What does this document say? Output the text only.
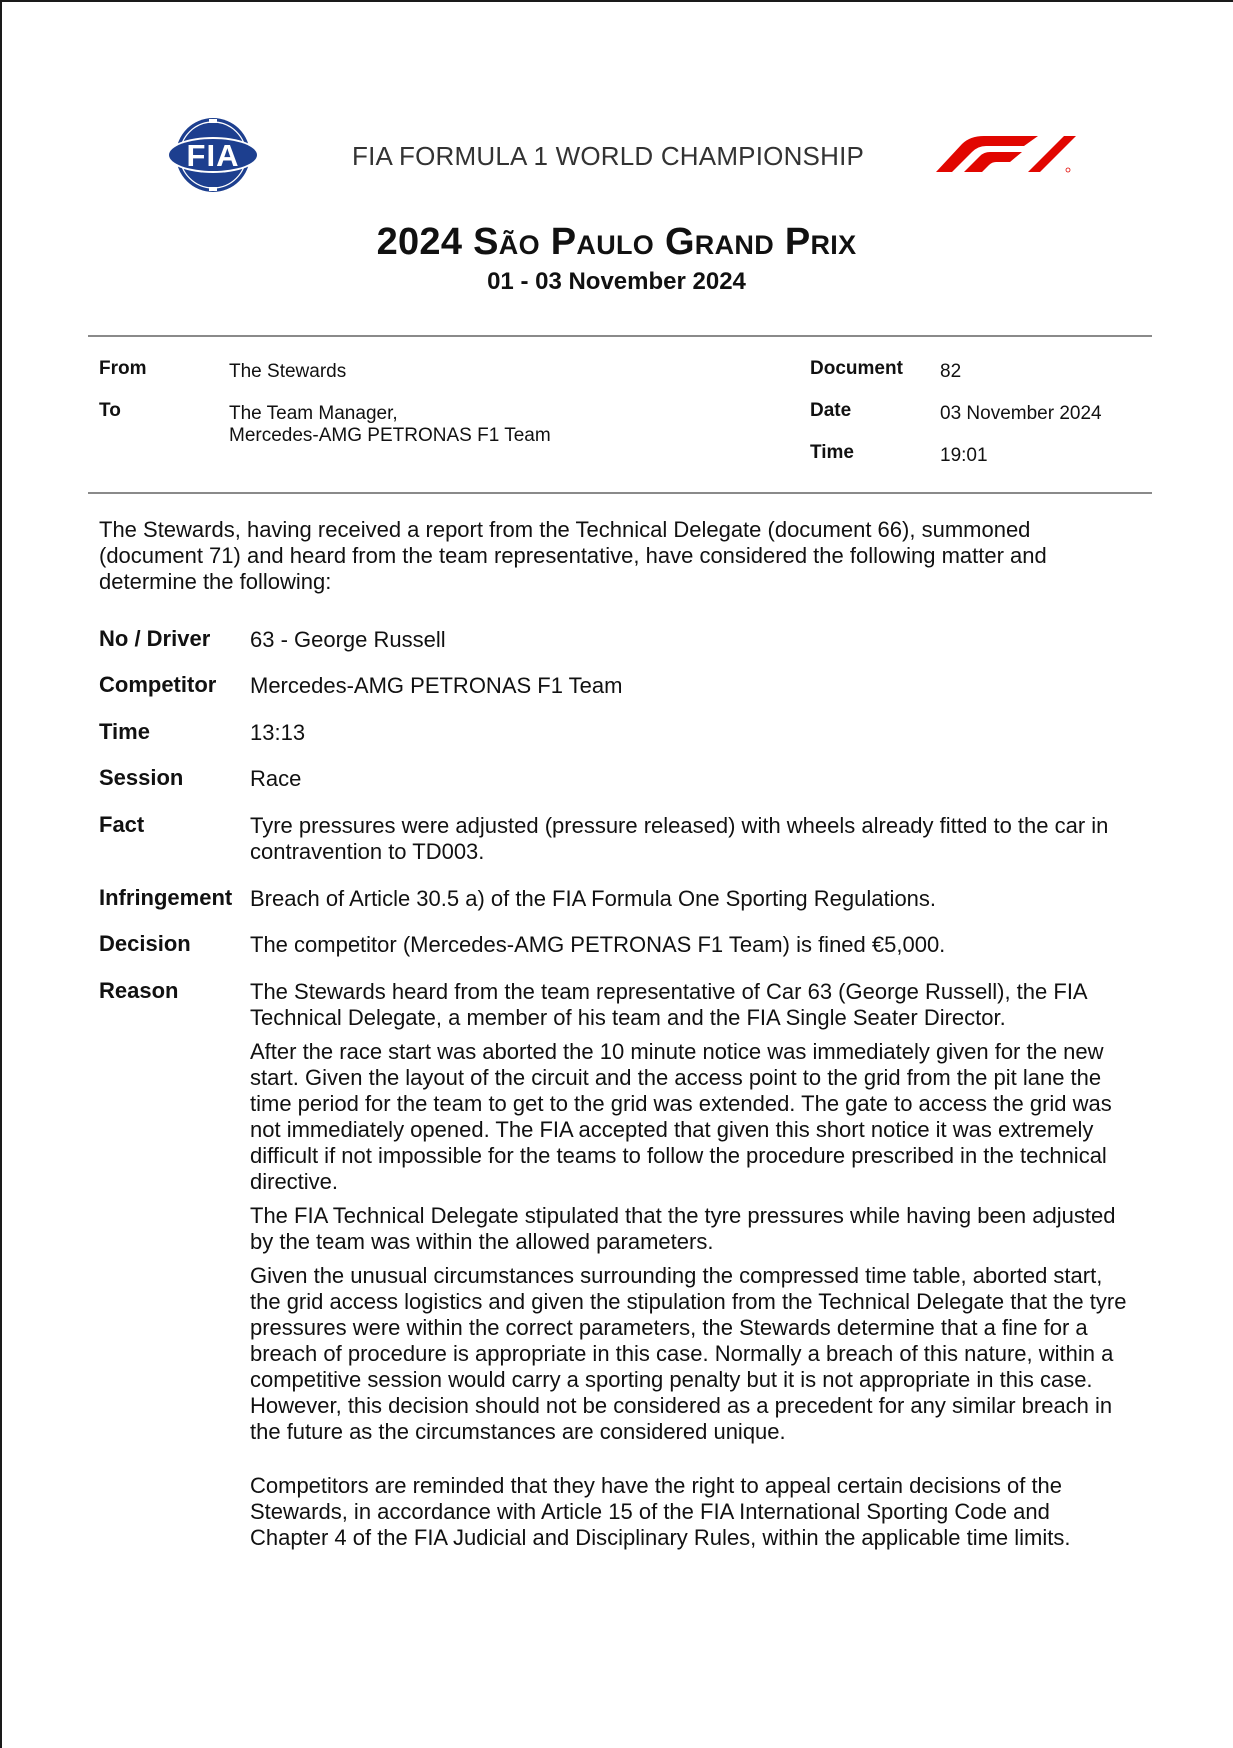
FIA	FIA FORMULA 1 WORLD CHAMPIONSHIP
2024 São Paulo Grand Prix
01 - 03 November 2024
From	The Stewards
To	The Team Manager,
Mercedes-AMG PETRONAS F1 Team
Document 82
Date	03 November 2024
Time	19:01
The Stewards, having received a report from the Technical Delegate (document 66), summoned (document 71) and heard from the team representative, have considered the following matter and determine the following:
No / Driver 63 - George Russell
Competitor Mercedes-AMG PETRONAS F1 Team
Time	13:13
Session	Race
Fact	Tyre pressures were adjusted (pressure released) with wheels already fitted to the car in contravention to TD003.
Infringement Breach of Article 30.5 a) of the FIA Formula One Sporting Regulations.
Decision	The competitor (Mercedes-AMG PETRONAS F1 Team) is fined €5,000.
Reason	The Stewards heard from the team representative of Car 63 (George Russell), the FIA Technical Delegate, a member of his team and the FIA Single Seater Director.

After the race start was aborted the 10 minute notice was immediately given for the new start. Given the layout of the circuit and the access point to the grid from the pit lane the time period for the team to get to the grid was extended. The gate to access the grid was not immediately opened. The FIA accepted that given this short notice it was extremely difficult if not impossible for the teams to follow the procedure prescribed in the technical directive.

The FIA Technical Delegate stipulated that the tyre pressures while having been adjusted by the team was within the allowed parameters.

Given the unusual circumstances surrounding the compressed time table, aborted start, the grid access logistics and given the stipulation from the Technical Delegate that the tyre pressures were within the correct parameters, the Stewards determine that a fine for a breach of procedure is appropriate in this case. Normally a breach of this nature, within a competitive session would carry a sporting penalty but it is not appropriate in this case. However, this decision should not be considered as a precedent for any similar breach in the future as the circumstances are considered unique.

Competitors are reminded that they have the right to appeal certain decisions of the Stewards, in accordance with Article 15 of the FIA International Sporting Code and Chapter 4 of the FIA Judicial and Disciplinary Rules, within the applicable time limits.
